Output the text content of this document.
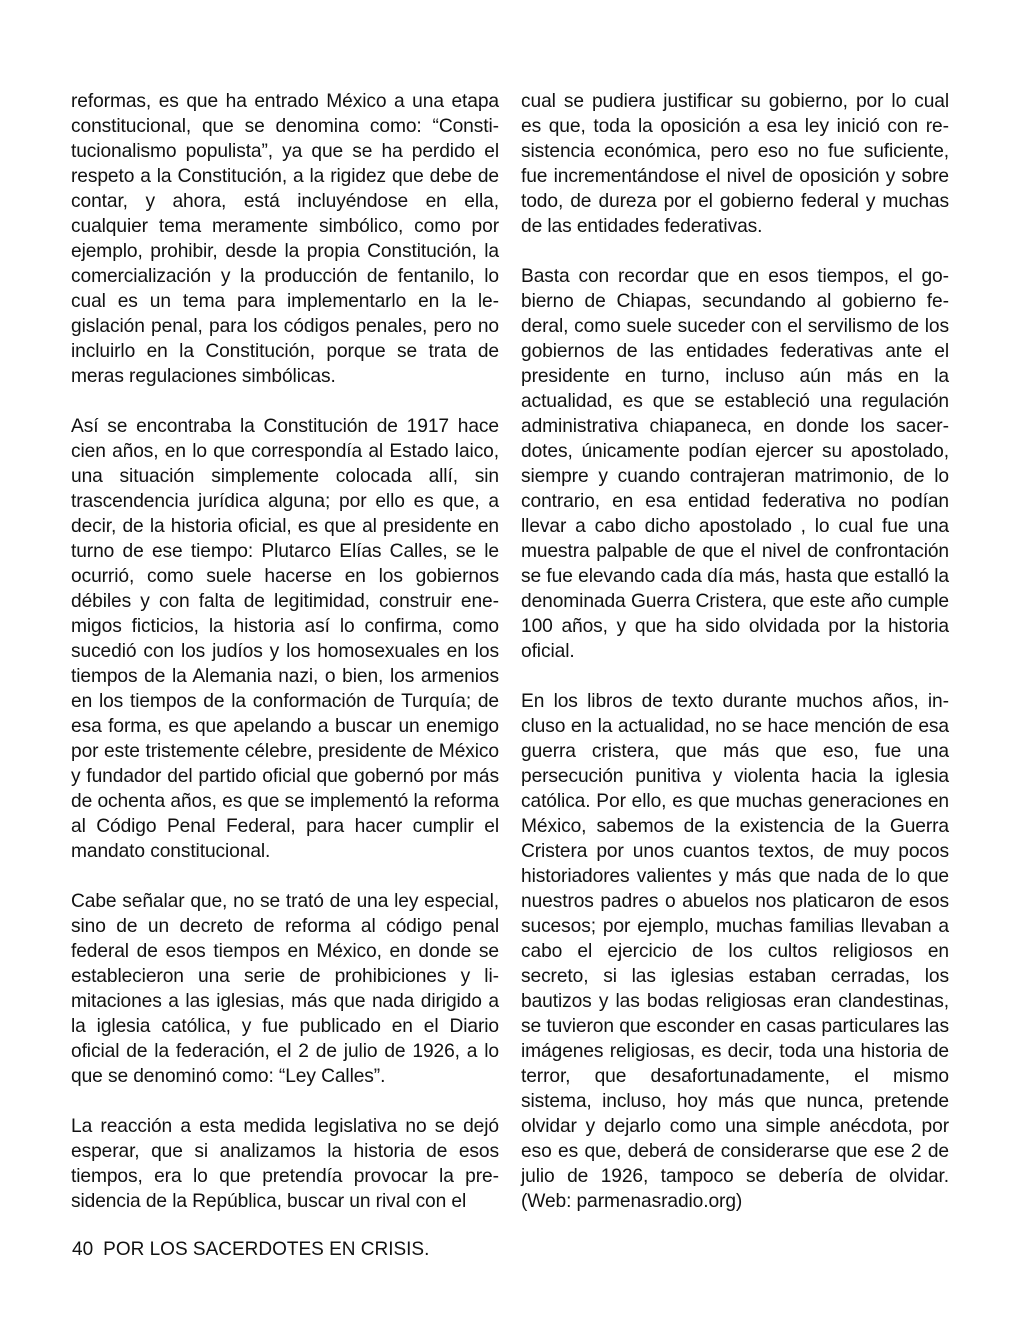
reformas, es que ha entrado México a una etapa constitucional, que se denomina como: “Constitucionalismo populista”, ya que se ha perdido el respeto a la Constitución, a la rigidez que debe de contar, y ahora, está incluyéndose en ella, cualquier tema meramente simbólico, como por ejemplo, prohibir, desde la propia Constitución, la comercialización y la producción de fentanilo, lo cual es un tema para implementarlo en la legislación penal, para los códigos penales, pero no incluirlo en la Constitución, porque se trata de meras regulaciones simbólicas.

Así se encontraba la Constitución de 1917 hace cien años, en lo que correspondía al Estado laico, una situación simplemente colocada allí, sin trascendencia jurídica alguna; por ello es que, a decir, de la historia oficial, es que al presidente en turno de ese tiempo: Plutarco Elías Calles, se le ocurrió, como suele hacerse en los gobiernos débiles y con falta de legitimidad, construir enemigos ficticios, la historia así lo confirma, como sucedió con los judíos y los homosexuales en los tiempos de la Alemania nazi, o bien, los armenios en los tiempos de la conformación de Turquía; de esa forma, es que apelando a buscar un enemigo por este tristemente célebre, presidente de México y fundador del partido oficial que gobernó por más de ochenta años, es que se implementó la reforma al Código Penal Federal, para hacer cumplir el mandato constitucional.

Cabe señalar que, no se trató de una ley especial, sino de un decreto de reforma al código penal federal de esos tiempos en México, en donde se establecieron una serie de prohibiciones y limitaciones a las iglesias, más que nada dirigido a la iglesia católica, y fue publicado en el Diario oficial de la federación, el 2 de julio de 1926, a lo que se denominó como: “Ley Calles”.

La reacción a esta medida legislativa no se dejó esperar, que si analizamos la historia de esos tiempos, era lo que pretendía provocar la presidencia de la República, buscar un rival con el

cual se pudiera justificar su gobierno, por lo cual es que, toda la oposición a esa ley inició con resistencia económica, pero eso no fue suficiente, fue incrementándose el nivel de oposición y sobre todo, de dureza por el gobierno federal y muchas de las entidades federativas.

Basta con recordar que en esos tiempos, el gobierno de Chiapas, secundando al gobierno federal, como suele suceder con el servilismo de los gobiernos de las entidades federativas ante el presidente en turno, incluso aún más en la actualidad, es que se estableció una regulación administrativa chiapaneca, en donde los sacerdotes, únicamente podían ejercer su apostolado, siempre y cuando contrajeran matrimonio, de lo contrario, en esa entidad federativa no podían llevar a cabo dicho apostolado , lo cual fue una muestra palpable de que el nivel de confrontación se fue elevando cada día más, hasta que estalló la denominada Guerra Cristera, que este año cumple 100 años, y que ha sido olvidada por la historia oficial.

En los libros de texto durante muchos años, incluso en la actualidad, no se hace mención de esa guerra cristera, que más que eso, fue una persecución punitiva y violenta hacia la iglesia católica. Por ello, es que muchas generaciones en México, sabemos de la existencia de la Guerra Cristera por unos cuantos textos, de muy pocos historiadores valientes y más que nada de lo que nuestros padres o abuelos nos platicaron de esos sucesos; por ejemplo, muchas familias llevaban a cabo el ejercicio de los cultos religiosos en secreto, si las iglesias estaban cerradas, los bautizos y las bodas religiosas eran clandestinas, se tuvieron que esconder en casas particulares las imágenes religiosas, es decir, toda una historia de terror, que desafortunadamente, el mismo sistema, incluso, hoy más que nunca, pretende olvidar y dejarlo como una simple anécdota, por eso es que, deberá de considerarse que ese 2 de julio de 1926, tampoco se debería de olvidar. (Web: parmenasradio.org)

40 POR LOS SACERDOTES EN CRISIS.
